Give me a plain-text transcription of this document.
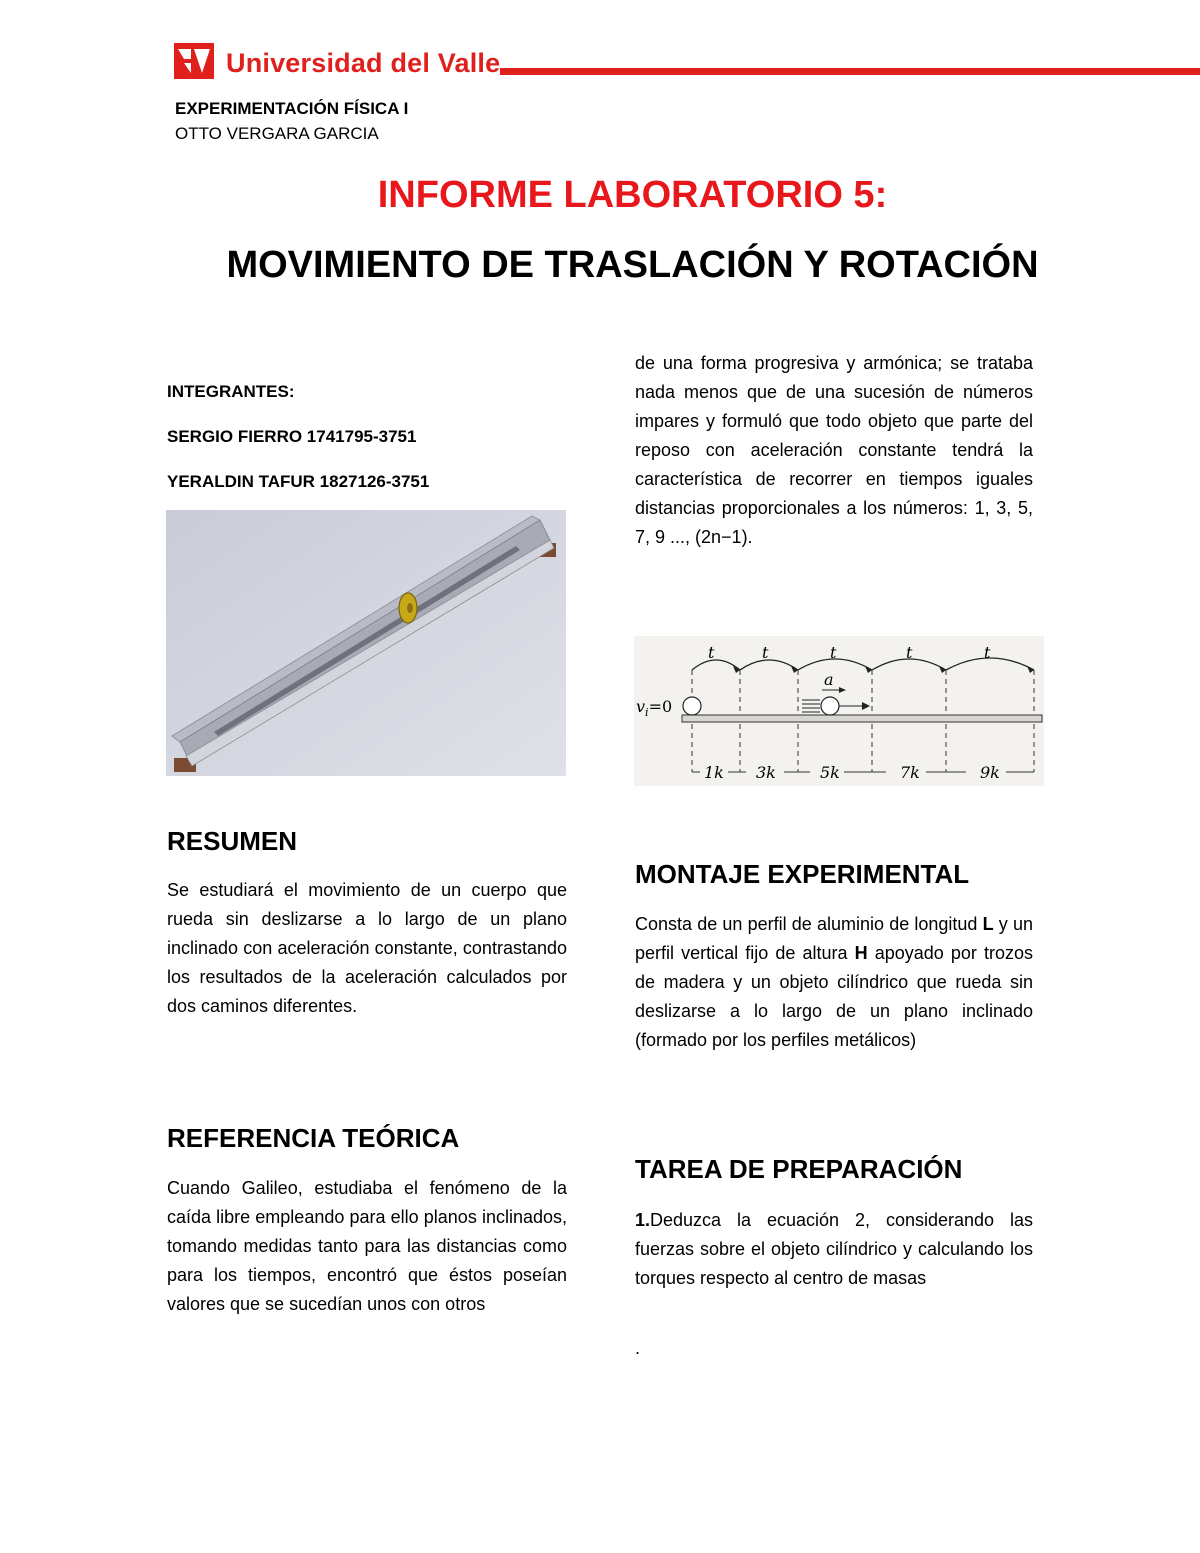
Universidad del Valle
EXPERIMENTACIÓN FÍSICA I
OTTO VERGARA GARCIA
INFORME LABORATORIO 5:
MOVIMIENTO DE TRASLACIÓN Y ROTACIÓN
INTEGRANTES:
SERGIO FIERRO 1741795-3751
YERALDIN TAFUR 1827126-3751
RESUMEN
Se estudiará el movimiento de un cuerpo que rueda sin deslizarse a lo largo de un plano inclinado con aceleración constante, contrastando los resultados de la aceleración calculados por dos caminos diferentes.
REFERENCIA TEÓRICA
Cuando Galileo, estudiaba el fenómeno de la caída libre empleando para ello planos inclinados, tomando medidas tanto para las distancias como para los tiempos, encontró que éstos poseían valores que se sucedían unos con otros
de una forma progresiva y armónica; se trataba nada menos que de una sucesión de números impares y formuló que todo objeto que parte del reposo con aceleración constante tendrá la característica de recorrer en tiempos iguales distancias proporcionales a los números: 1, 3, 5, 7, 9 ..., (2n−1).
t	t	t	t	t
a
$v_i=0$
1k 3k	5k	7k	9k
MONTAJE EXPERIMENTAL
Consta de un perfil de aluminio de longitud L y un perfil vertical fijo de altura H apoyado por trozos de madera y un objeto cilíndrico que rueda sin deslizarse a lo largo de un plano inclinado (formado por los perfiles metálicos)
TAREA DE PREPARACIÓN
1.Deduzca la ecuación 2, considerando las fuerzas sobre el objeto cilíndrico y calculando los torques respecto al centro de masas
.
